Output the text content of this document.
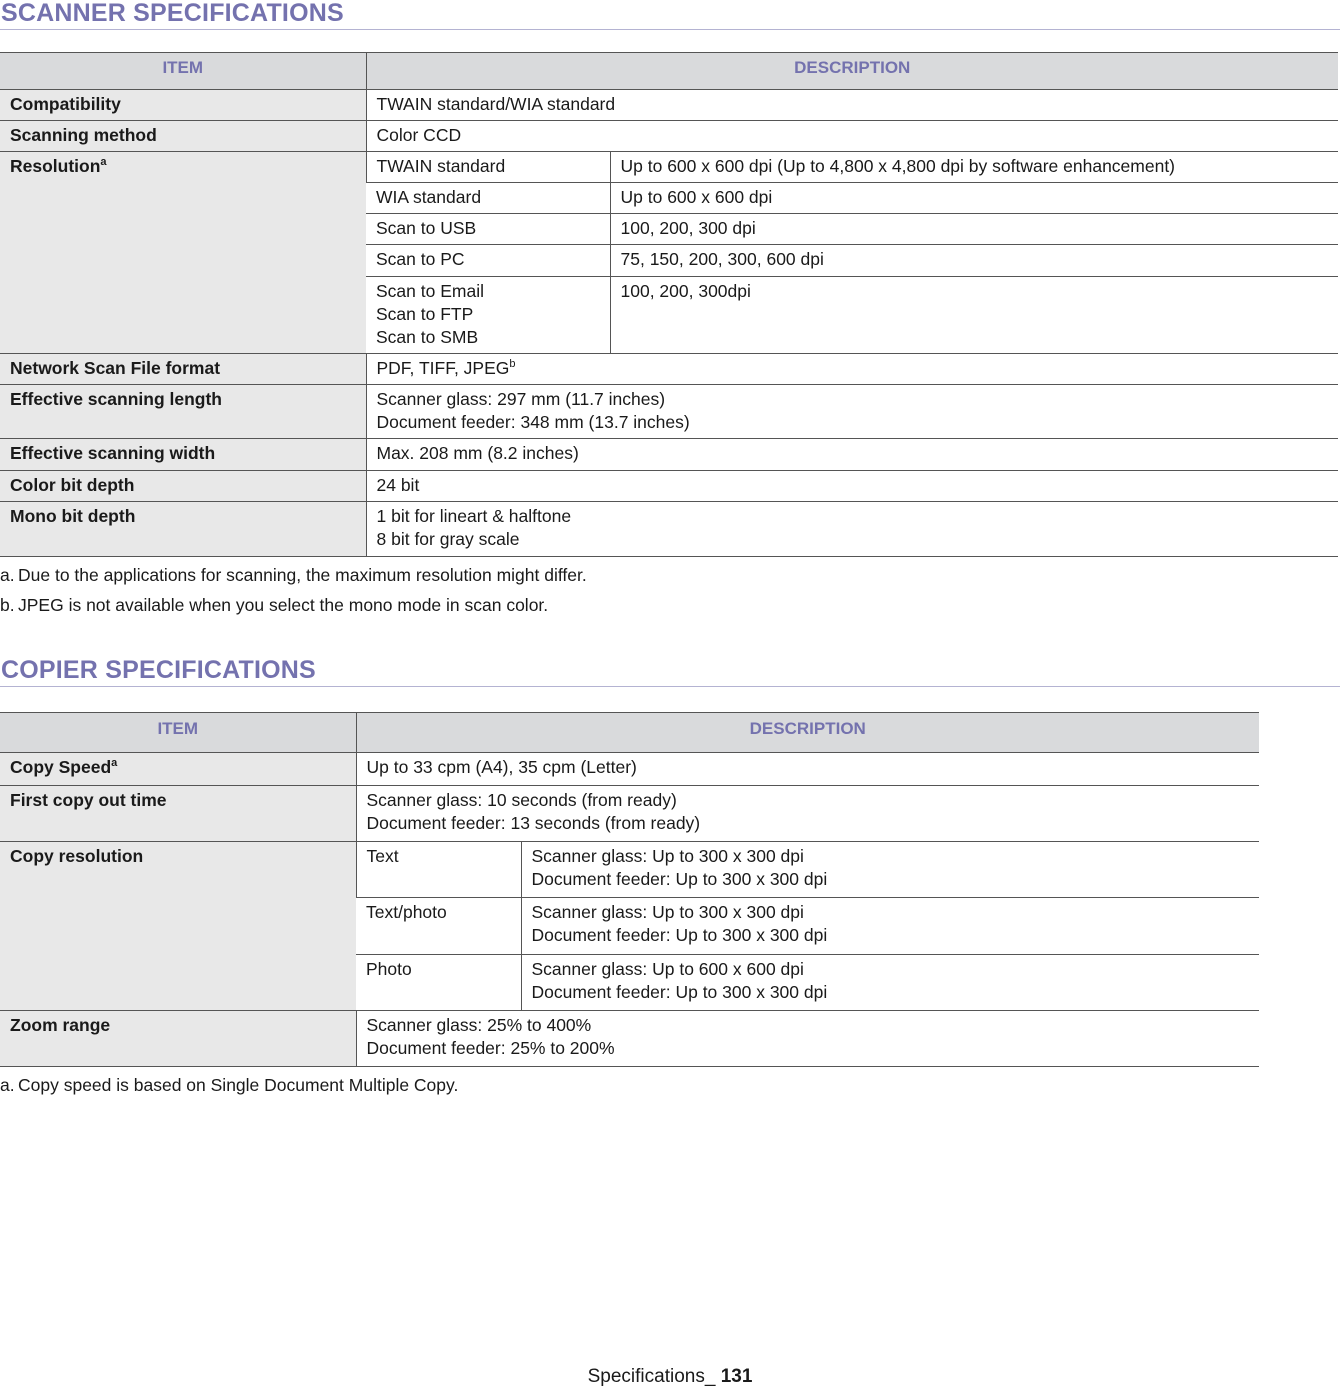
SCANNER SPECIFICATIONS
ITEM	DESCRIPTION	
Compatibility	TWAIN standard/WIA standard	
Scanning method	Color CCD	
Resolution$^a$	TWAIN standard	Up to 600 x 600 dpi (Up to 4,800 x 4,800 dpi by software enhancement)
	WIA standard	Up to 600 x 600 dpi
	Scan to USB	100, 200, 300 dpi
	Scan to PC	75, 150, 200, 300, 600 dpi

	Scan to Email
Scan to FTP
Scan to SMB	100, 200, 300dpi
Network Scan File format	PDF, TIFF, JPEG$^b$
Effective scanning length	Scanner glass: 297 mm (11.7 inches)
Document feeder: 348 mm (13.7 inches)	

Effective scanning width	Max. 208 mm (8.2 inches)	
Color bit depth	24 bit	
Mono bit depth	1 bit for lineart & halftone
8 bit for gray scale	
a. Due to the applications for scanning, the maximum resolution might differ.
b. JPEG is not available when you select the mono mode in scan color.
COPIER SPECIFICATIONS
ITEM	DESCRIPTION	
Copy Speed$^a$	Up to 33 cpm (A4), 35 cpm (Letter)	
First copy out time	Scanner glass: 10 seconds (from ready)
Document feeder: 13 seconds (from ready)	

Copy resolution	Text	Scanner glass: Up to 300 x 300 dpi
Document feeder: Up to 300 x 300 dpi

	Text/photo	Scanner glass: Up to 300 x 300 dpi
Document feeder: Up to 300 x 300 dpi

	Photo	Scanner glass: Up to 600 x 600 dpi
Document feeder: Up to 300 x 300 dpi

Zoom range	Scanner glass: 25% to 400%
Document feeder: 25% to 200%	
a. Copy speed is based on Single Document Multiple Copy.
Specifications_ 131
